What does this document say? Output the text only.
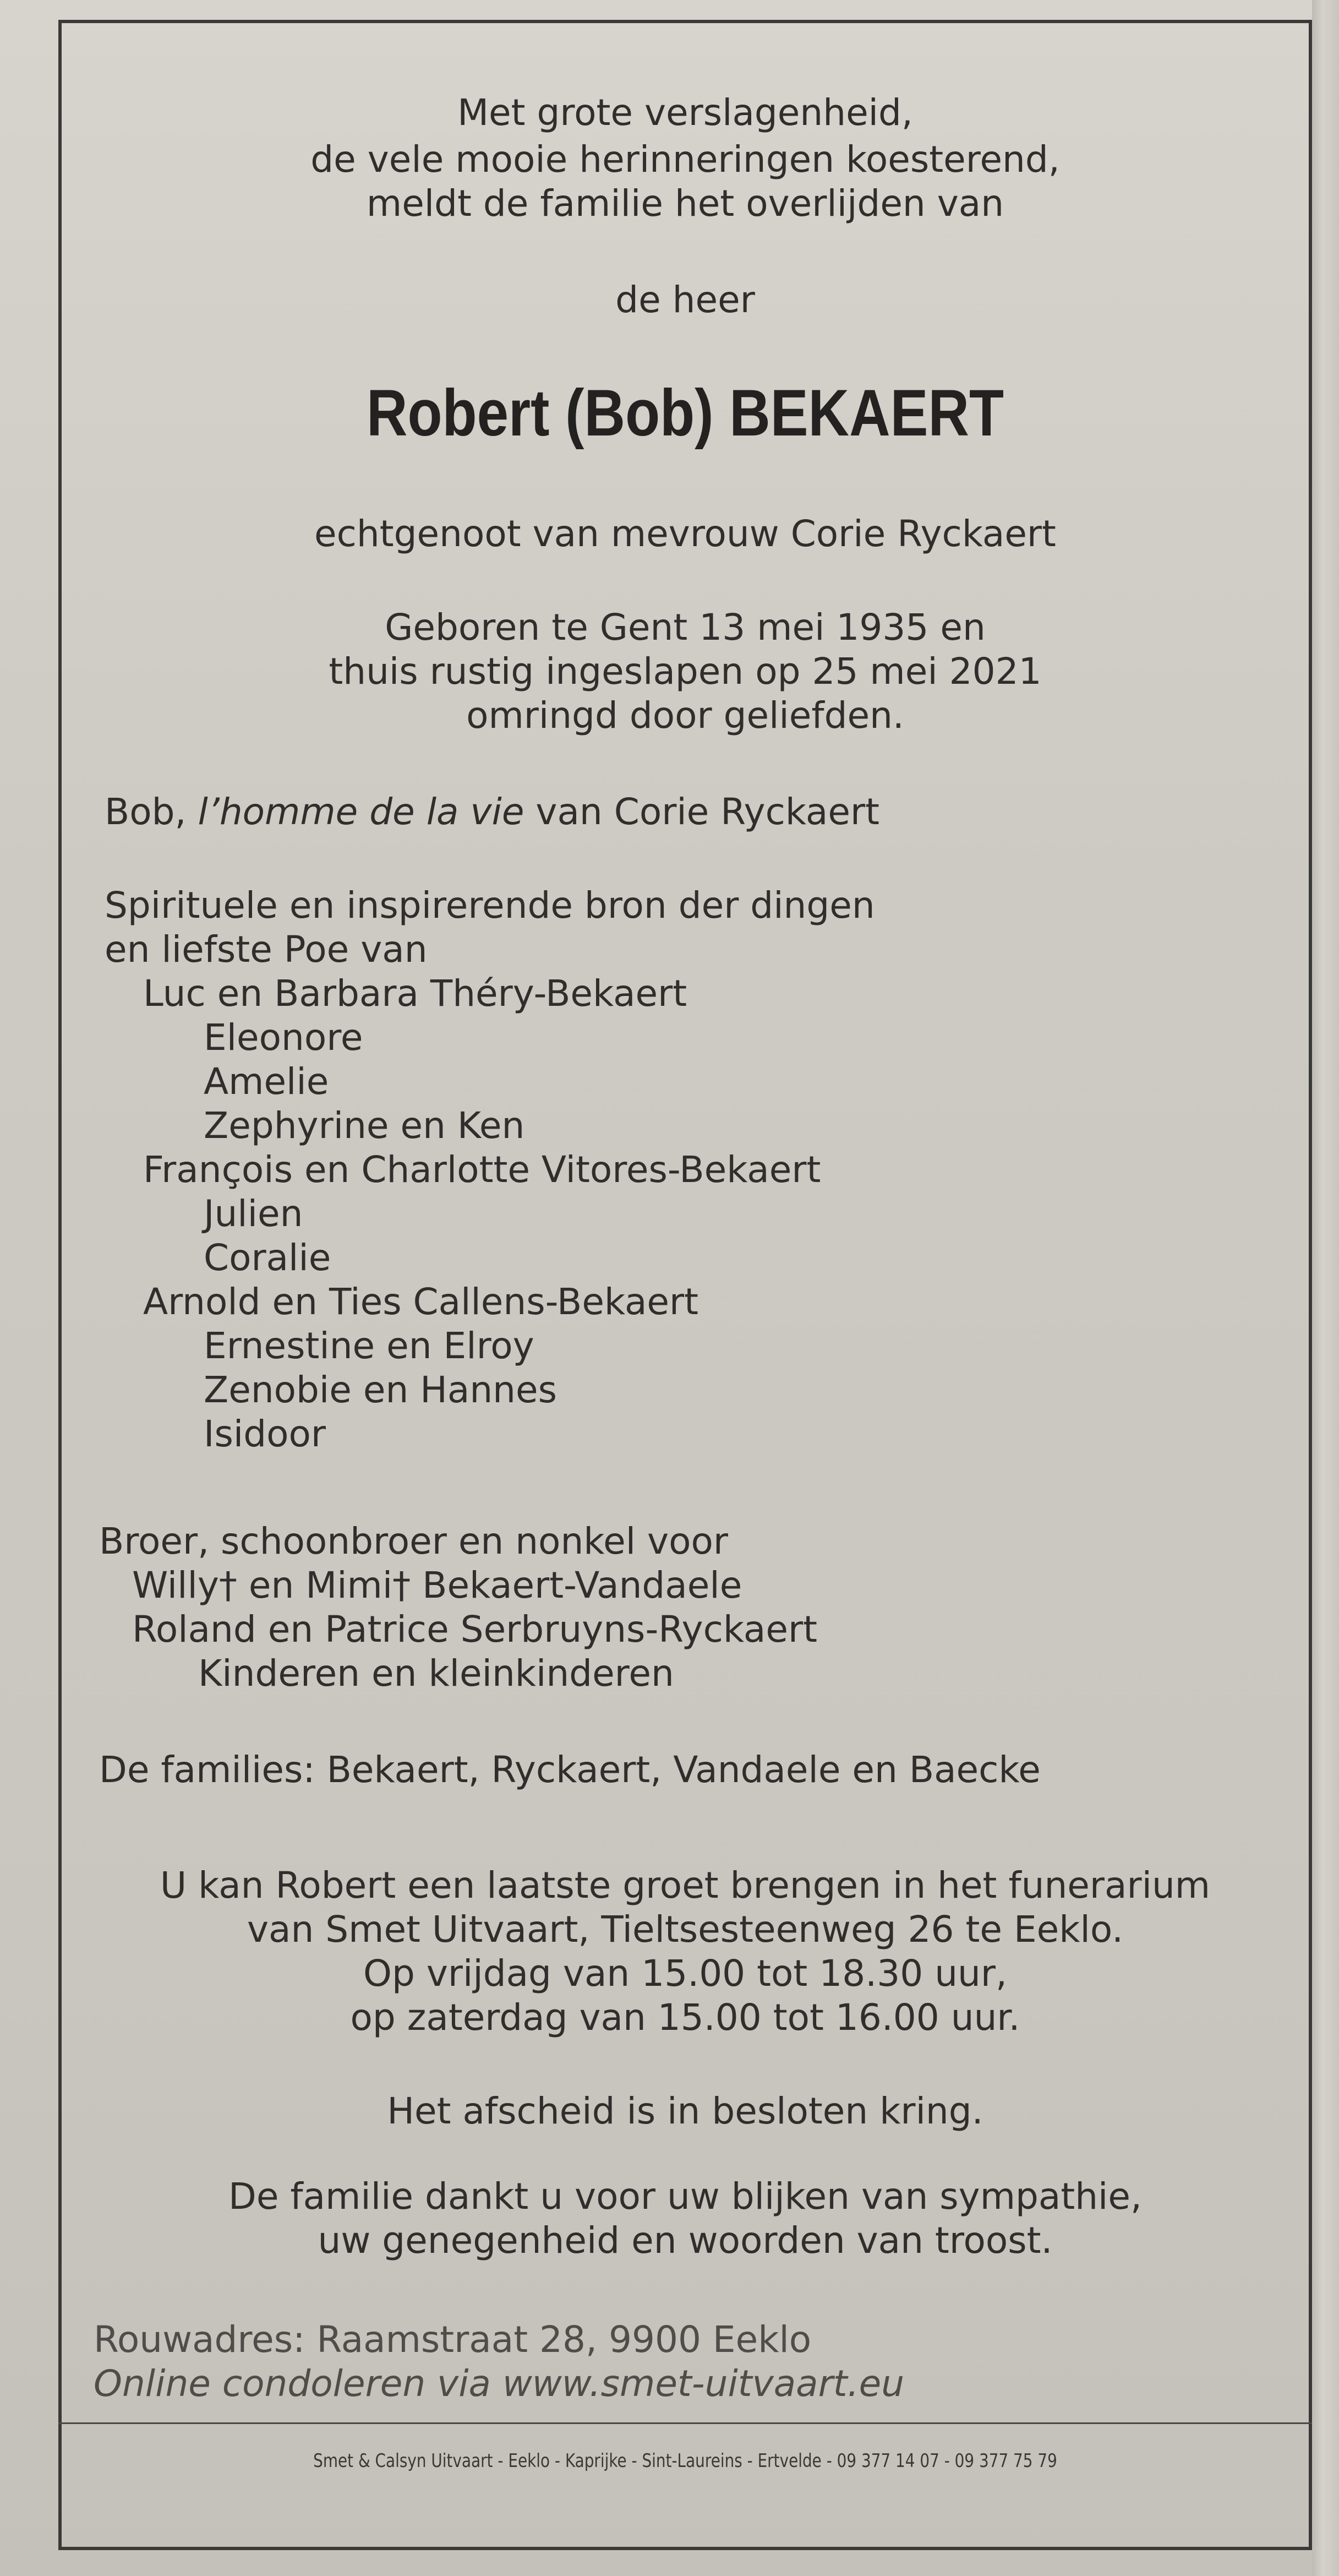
Met grote verslagenheid,
de vele mooie herinneringen koesterend,
meldt de familie het overlijden van
de heer
Robert (Bob) BEKAERT
echtgenoot van mevrouw Corie Ryckaert
Geboren te Gent 13 mei 1935 en
thuis rustig ingeslapen op 25 mei 2021
omringd door geliefden.
Bob, l’homme de la vie van Corie Ryckaert
Spirituele en inspirerende bron der dingen
en liefste Poe van
Luc en Barbara Théry-Bekaert
Eleonore
Amelie
Zephyrine en Ken
François en Charlotte Vitores-Bekaert
Julien
Coralie
Arnold en Ties Callens-Bekaert
Ernestine en Elroy
Zenobie en Hannes
Isidoor
Broer, schoonbroer en nonkel voor
Willy† en Mimi† Bekaert-Vandaele
Roland en Patrice Serbruyns-Ryckaert
Kinderen en kleinkinderen
De families: Bekaert, Ryckaert, Vandaele en Baecke
U kan Robert een laatste groet brengen in het funerarium
van Smet Uitvaart, Tieltsesteenweg 26 te Eeklo.
Op vrijdag van 15.00 tot 18.30 uur,
op zaterdag van 15.00 tot 16.00 uur.
Het afscheid is in besloten kring.
De familie dankt u voor uw blijken van sympathie,
uw genegenheid en woorden van troost.
Rouwadres: Raamstraat 28, 9900 Eeklo
Online condoleren via www.smet-uitvaart.eu
Smet & Calsyn Uitvaart - Eeklo - Kaprijke - Sint-Laureins - Ertvelde - 09 377 14 07 - 09 377 75 79
